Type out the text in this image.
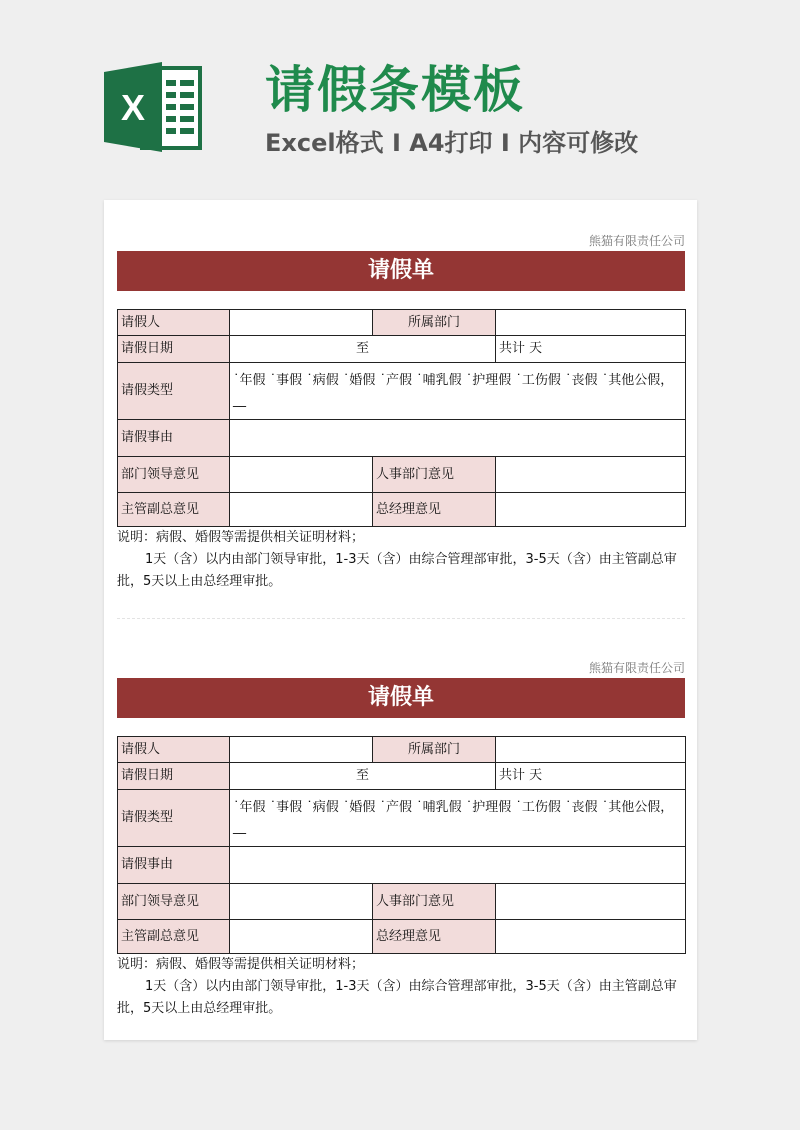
X 请假条模板
Excel格式 I A4打印 I 内容可修改
熊猫有限责任公司
请假单
请假人		所属部门	
请假日期	至		共计 天
请假类型	˙年假 ˙事假 ˙病假 ˙婚假 ˙产假 ˙哺乳假 ˙护理假 ˙工伤假 ˙丧假 ˙其他公假，__		
请假事由			
部门领导意见		人事部门意见	
主管副总意见		总经理意见	
说明：病假、婚假等需提供相关证明材料；
1天（含）以内由部门领导审批，1-3天（含）由综合管理部审批，3-5天（含）由主管副总审批，5天以上由总经理审批。
熊猫有限责任公司
请假单
请假人		所属部门	
请假日期	至		共计 天
请假类型	˙年假 ˙事假 ˙病假 ˙婚假 ˙产假 ˙哺乳假 ˙护理假 ˙工伤假 ˙丧假 ˙其他公假，__		
请假事由			
部门领导意见		人事部门意见	
主管副总意见		总经理意见	
说明：病假、婚假等需提供相关证明材料；
1天（含）以内由部门领导审批，1-3天（含）由综合管理部审批，3-5天（含）由主管副总审批，5天以上由总经理审批。
